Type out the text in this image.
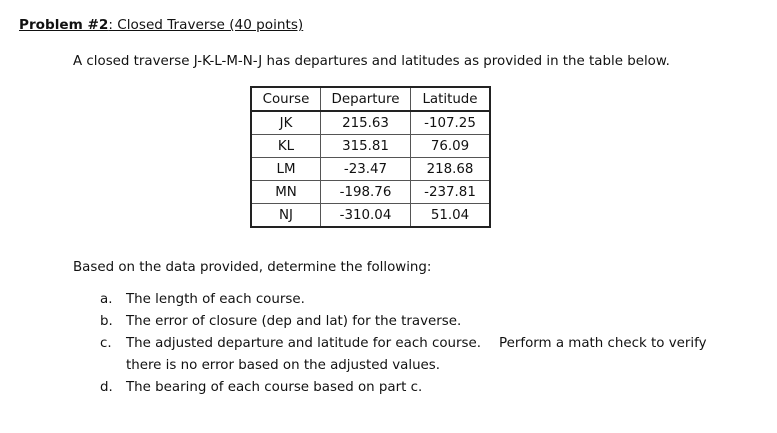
Problem #2: Closed Traverse (40 points)
A closed traverse J-K-L-M-N-J has departures and latitudes as provided in the table below.
Course	Departure	Latitude
JK	215.63	-107.25
KL	315.81	76.09
LM	-23.47	218.68
MN	-198.76	-237.81
NJ	-310.04	51.04
Based on the data provided, determine the following:
a. The length of each course.
b. The error of closure (dep and lat) for the traverse.
c. The adjusted departure and latitude for each course. Perform a math check to verify
there is no error based on the adjusted values.
d. The bearing of each course based on part c.
